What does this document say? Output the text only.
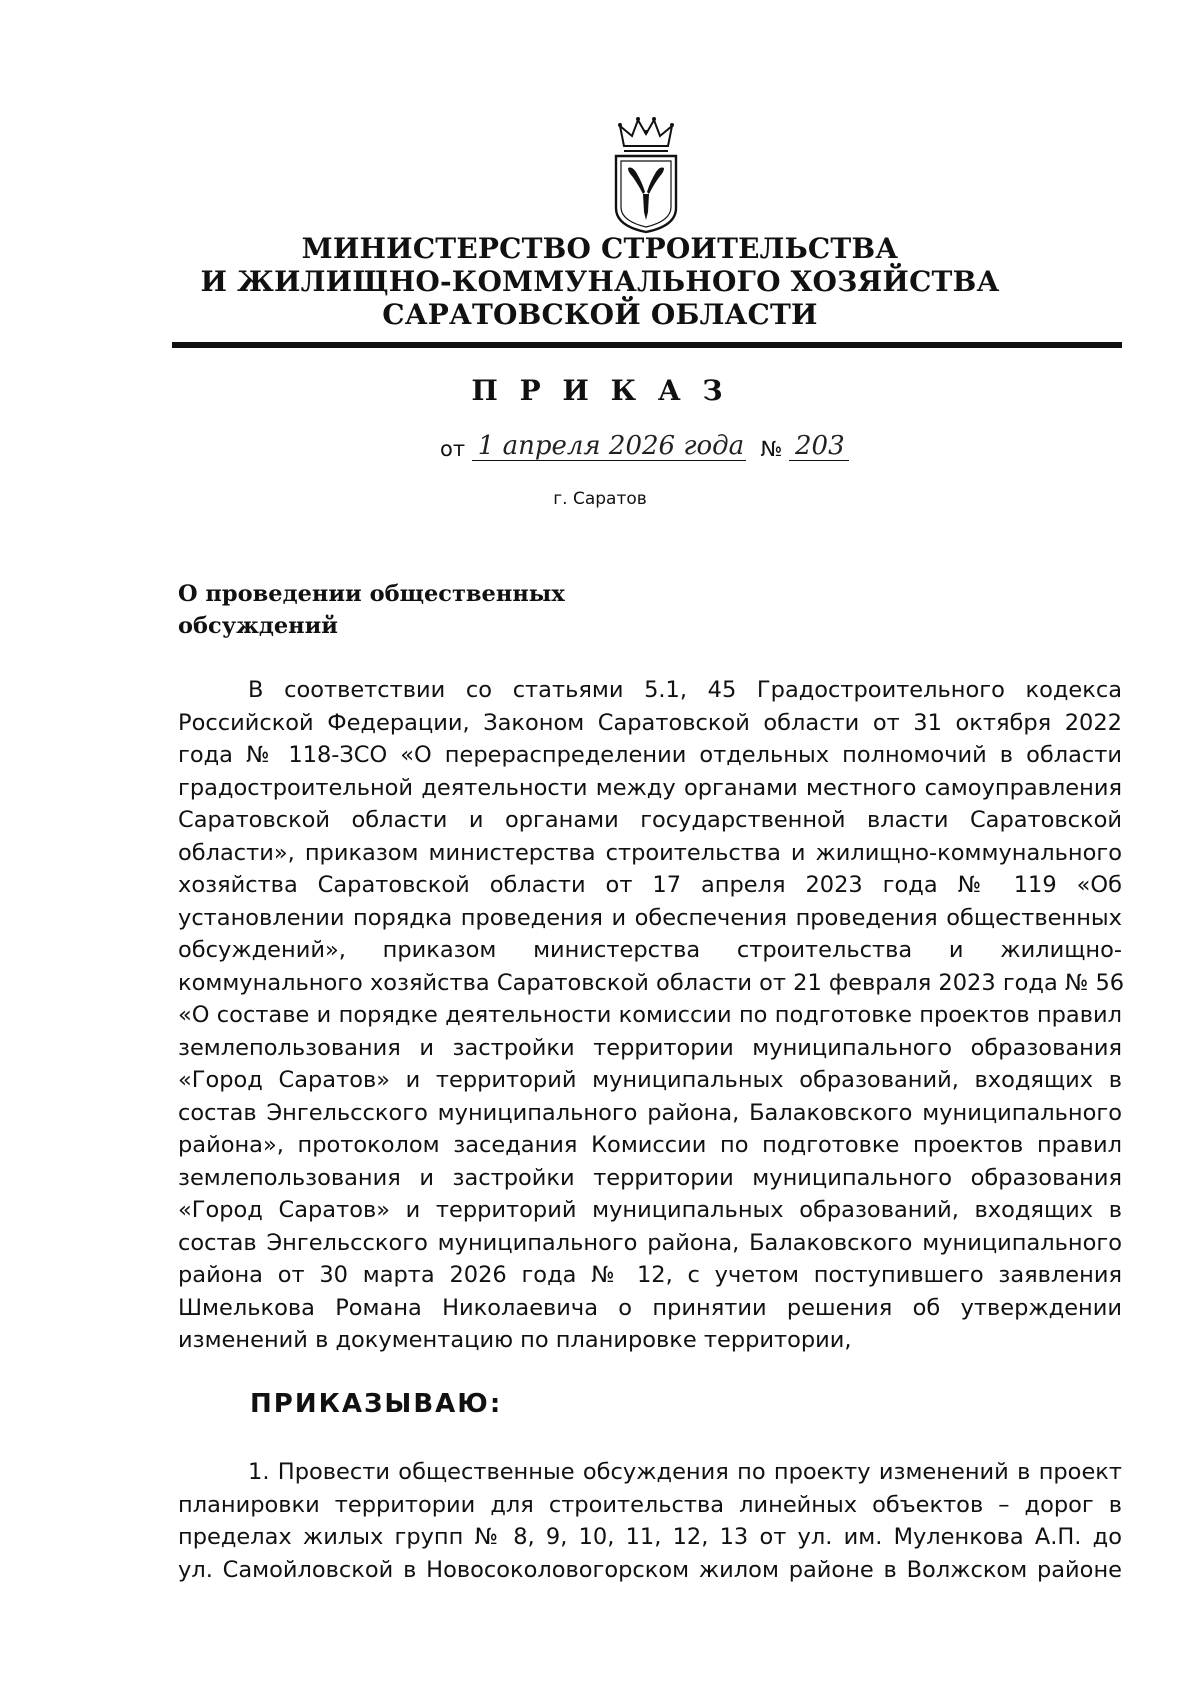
МИНИСТЕРСТВО СТРОИТЕЛЬСТВА
И ЖИЛИЩНО-КОММУНАЛЬНОГО ХОЗЯЙСТВА
САРАТОВСКОЙ ОБЛАСТИ
П Р И К А З
от 1 апреля 2026 года № 203
г. Саратов
О проведении общественных
обсуждений
В соответствии со статьями 5.1, 45 Градостроительного кодекса
Российской Федерации, Законом Саратовской области от 31 октября 2022
года № 118-ЗСО «О перераспределении отдельных полномочий в области
градостроительной деятельности между органами местного самоуправления
Саратовской области и органами государственной власти Саратовской
области», приказом министерства строительства и жилищно-коммунального
хозяйства Саратовской области от 17 апреля 2023 года № 119 «Об
установлении порядка проведения и обеспечения проведения общественных
обсуждений», приказом министерства строительства и жилищно-
коммунального хозяйства Саратовской области от 21 февраля 2023 года № 56
«О составе и порядке деятельности комиссии по подготовке проектов правил
землепользования и застройки территории муниципального образования
«Город Саратов» и территорий муниципальных образований, входящих в
состав Энгельсского муниципального района, Балаковского муниципального
района», протоколом заседания Комиссии по подготовке проектов правил
землепользования и застройки территории муниципального образования
«Город Саратов» и территорий муниципальных образований, входящих в
состав Энгельсского муниципального района, Балаковского муниципального
района от 30 марта 2026 года № 12, с учетом поступившего заявления
Шмелькова Романа Николаевича о принятии решения об утверждении
изменений в документацию по планировке территории,
ПРИКАЗЫВАЮ:
1. Провести общественные обсуждения по проекту изменений в проект
планировки территории для строительства линейных объектов – дорог в
пределах жилых групп № 8, 9, 10, 11, 12, 13 от ул. им. Муленкова А.П. до
ул. Самойловской в Новосоколовогорском жилом районе в Волжском районе
